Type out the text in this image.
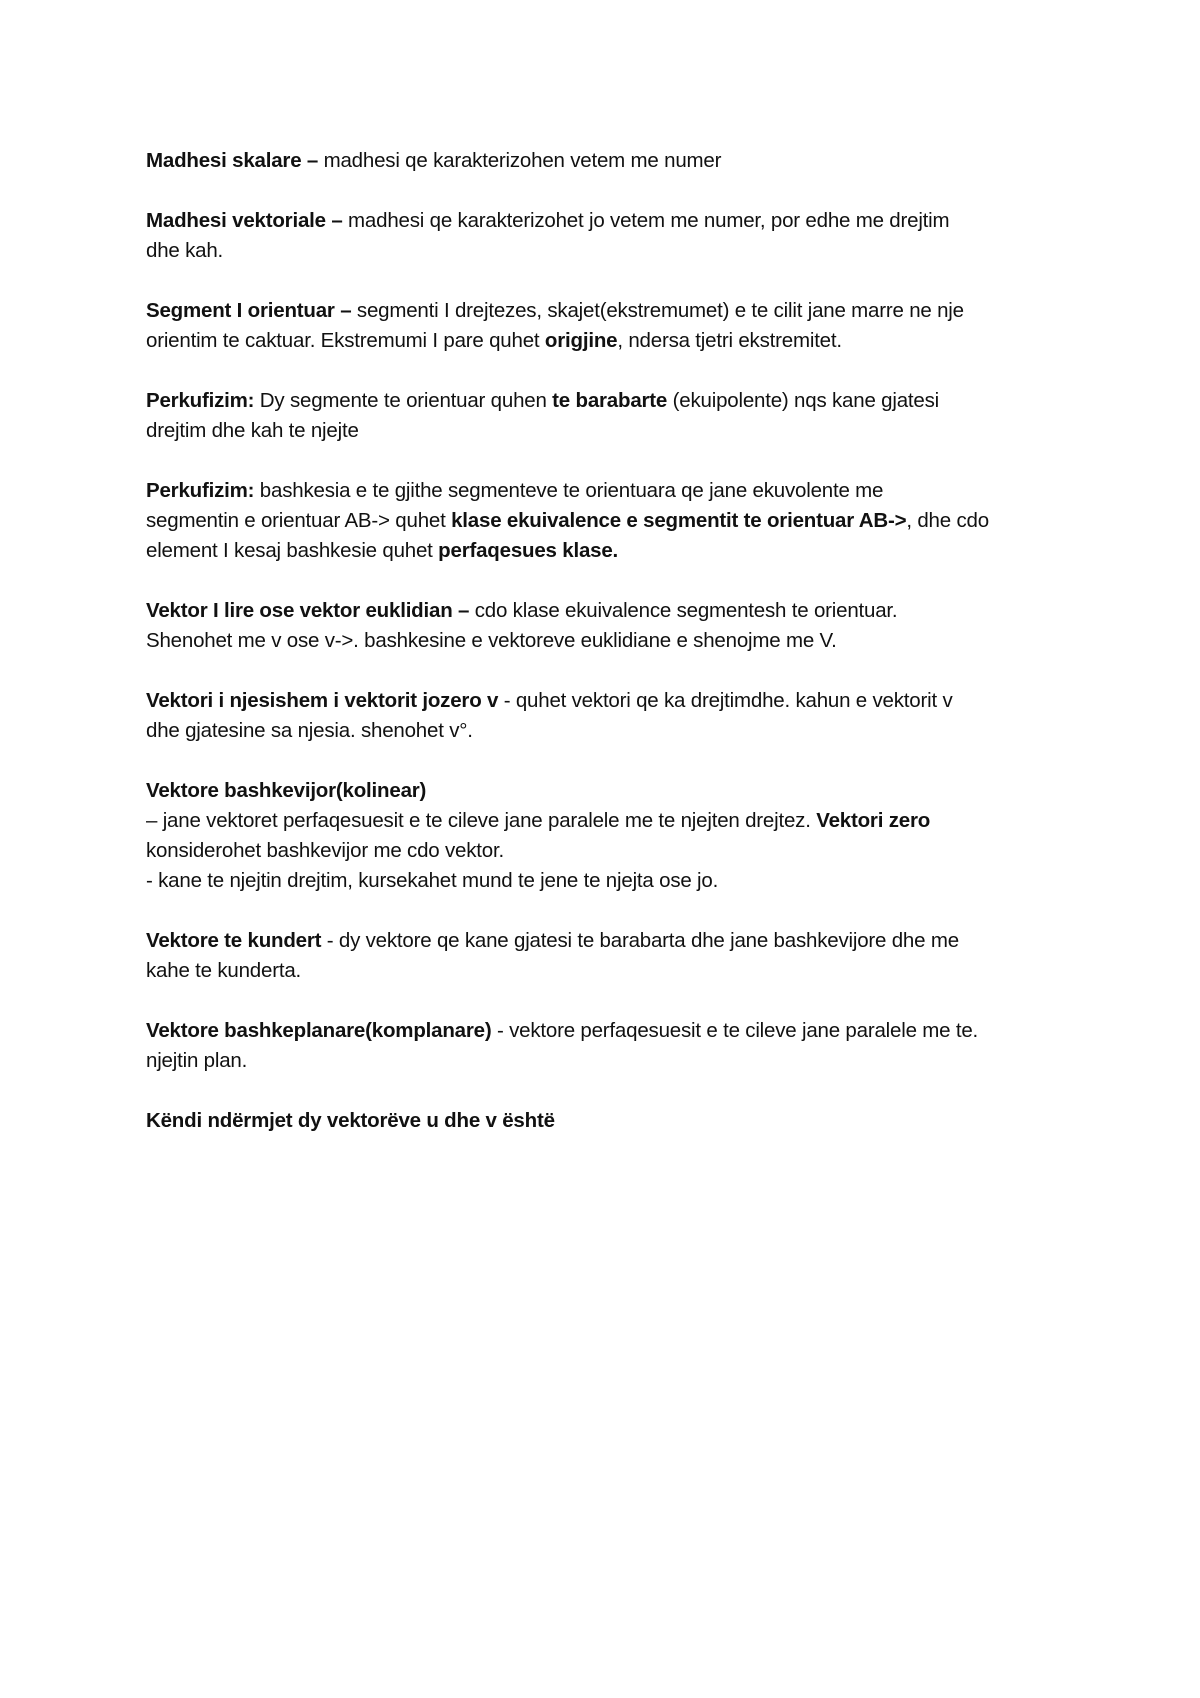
Madhesi skalare – madhesi qe karakterizohen vetem me numer
Madhesi vektoriale – madhesi qe karakterizohet jo vetem me numer, por edhe me drejtim
dhe kah.
Segment I orientuar – segmenti I drejtezes, skajet(ekstremumet) e te cilit jane marre ne nje
orientim te caktuar. Ekstremumi I pare quhet origjine, ndersa tjetri ekstremitet.
Perkufizim: Dy segmente te orientuar quhen te barabarte (ekuipolente) nqs kane gjatesi
drejtim dhe kah te njejte
Perkufizim: bashkesia e te gjithe segmenteve te orientuara qe jane ekuvolente me
segmentin e orientuar AB-> quhet klase ekuivalence e segmentit te orientuar AB->, dhe cdo
element I kesaj bashkesie quhet perfaqesues klase.
Vektor I lire ose vektor euklidian – cdo klase ekuivalence segmentesh te orientuar.
Shenohet me v ose v->. bashkesine e vektoreve euklidiane e shenojme me V.
Vektori i njesishem i vektorit jozero v - quhet vektori qe ka drejtimdhe. kahun e vektorit v
dhe gjatesine sa njesia. shenohet v°.
Vektore bashkevijor(kolinear)
– jane vektoret perfaqesuesit e te cileve jane paralele me te njejten drejtez. Vektori zero
konsiderohet bashkevijor me cdo vektor.
- kane te njejtin drejtim, kursekahet mund te jene te njejta ose jo.
Vektore te kundert - dy vektore qe kane gjatesi te barabarta dhe jane bashkevijore dhe me
kahe te kunderta.
Vektore bashkeplanare(komplanare) - vektore perfaqesuesit e te cileve jane paralele me te.
njejtin plan.
Këndi ndërmjet dy vektorëve u dhe v është
